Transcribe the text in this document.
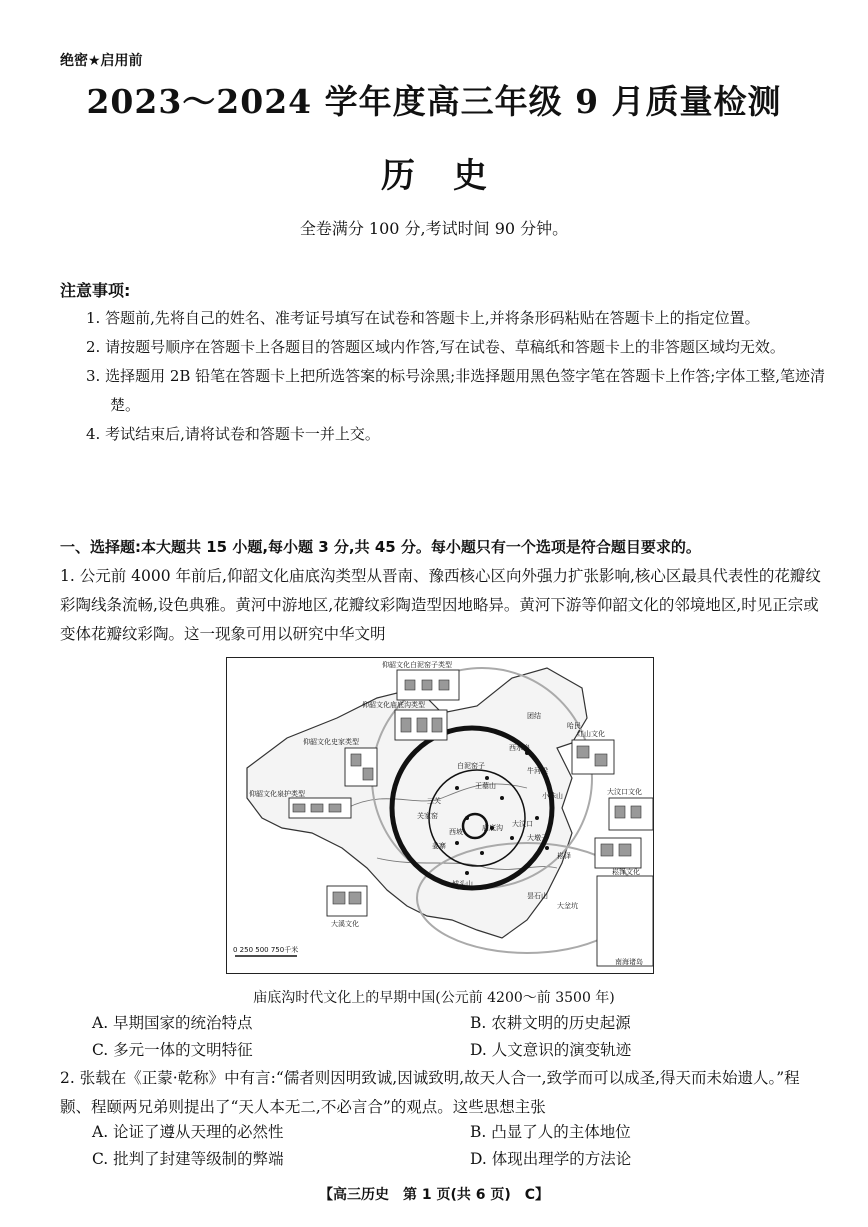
绝密★启用前
2023～2024 学年度高三年级 9 月质量检测
历史
全卷满分 100 分,考试时间 90 分钟。
注意事项:

1. 答题前,先将自己的姓名、准考证号填写在试卷和答题卡上,并将条形码粘贴在答题卡上的指定位置。

2. 请按题号顺序在答题卡上各题目的答题区域内作答,写在试卷、草稿纸和答题卡上的非答题区域均无效。

3. 选择题用 2B 铅笔在答题卡上把所选答案的标号涂黑;非选择题用黑色签字笔在答题卡上作答;字体工整,笔迹清楚。

4. 考试结束后,请将试卷和答题卡一并上交。

一、选择题:本大题共 15 小题,每小题 3 分,共 45 分。每小题只有一个选项是符合题目要求的。
1. 公元前 4000 年前后,仰韶文化庙底沟类型从晋南、豫西核心区向外强力扩张影响,核心区最具代表性的花瓣纹彩陶线条流畅,设色典雅。黄河中游地区,花瓣纹彩陶造型因地略异。黄河下游等仰韶文化的邻境地区,时见正宗或变体花瓣纹彩陶。这一现象可用以研究中华文明
仰韶文化白泥窑子类型
仰韶文化庙底沟类型
仰韶文化史家类型
仰韶文化泉护类型
红山文化
大汶口文化
崧泽文化
大溪文化
团结
哈民
西水泉
白泥窑子
牛河梁
小珠山
三关
王墓山
关家窑
庙底沟
西坡
姜寨
大汶口
大墩子
城头山
崧泽
昙石山
大坌坑
0 250 500 750千米
南海诸岛
庙底沟时代文化上的早期中国(公元前 4200～前 3500 年)
A. 早期国家的统治特点	B. 农耕文明的历史起源
C. 多元一体的文明特征	D. 人文意识的演变轨迹
2. 张载在《正蒙·乾称》中有言:“儒者则因明致诚,因诚致明,故天人合一,致学而可以成圣,得天而未始遗人。”程颢、程颐两兄弟则提出了“天人本无二,不必言合”的观点。这些思想主张
A. 论证了遵从天理的必然性	B. 凸显了人的主体地位
C. 批判了封建等级制的弊端	D. 体现出理学的方法论
【高三历史　第 1 页(共 6 页)　C】
